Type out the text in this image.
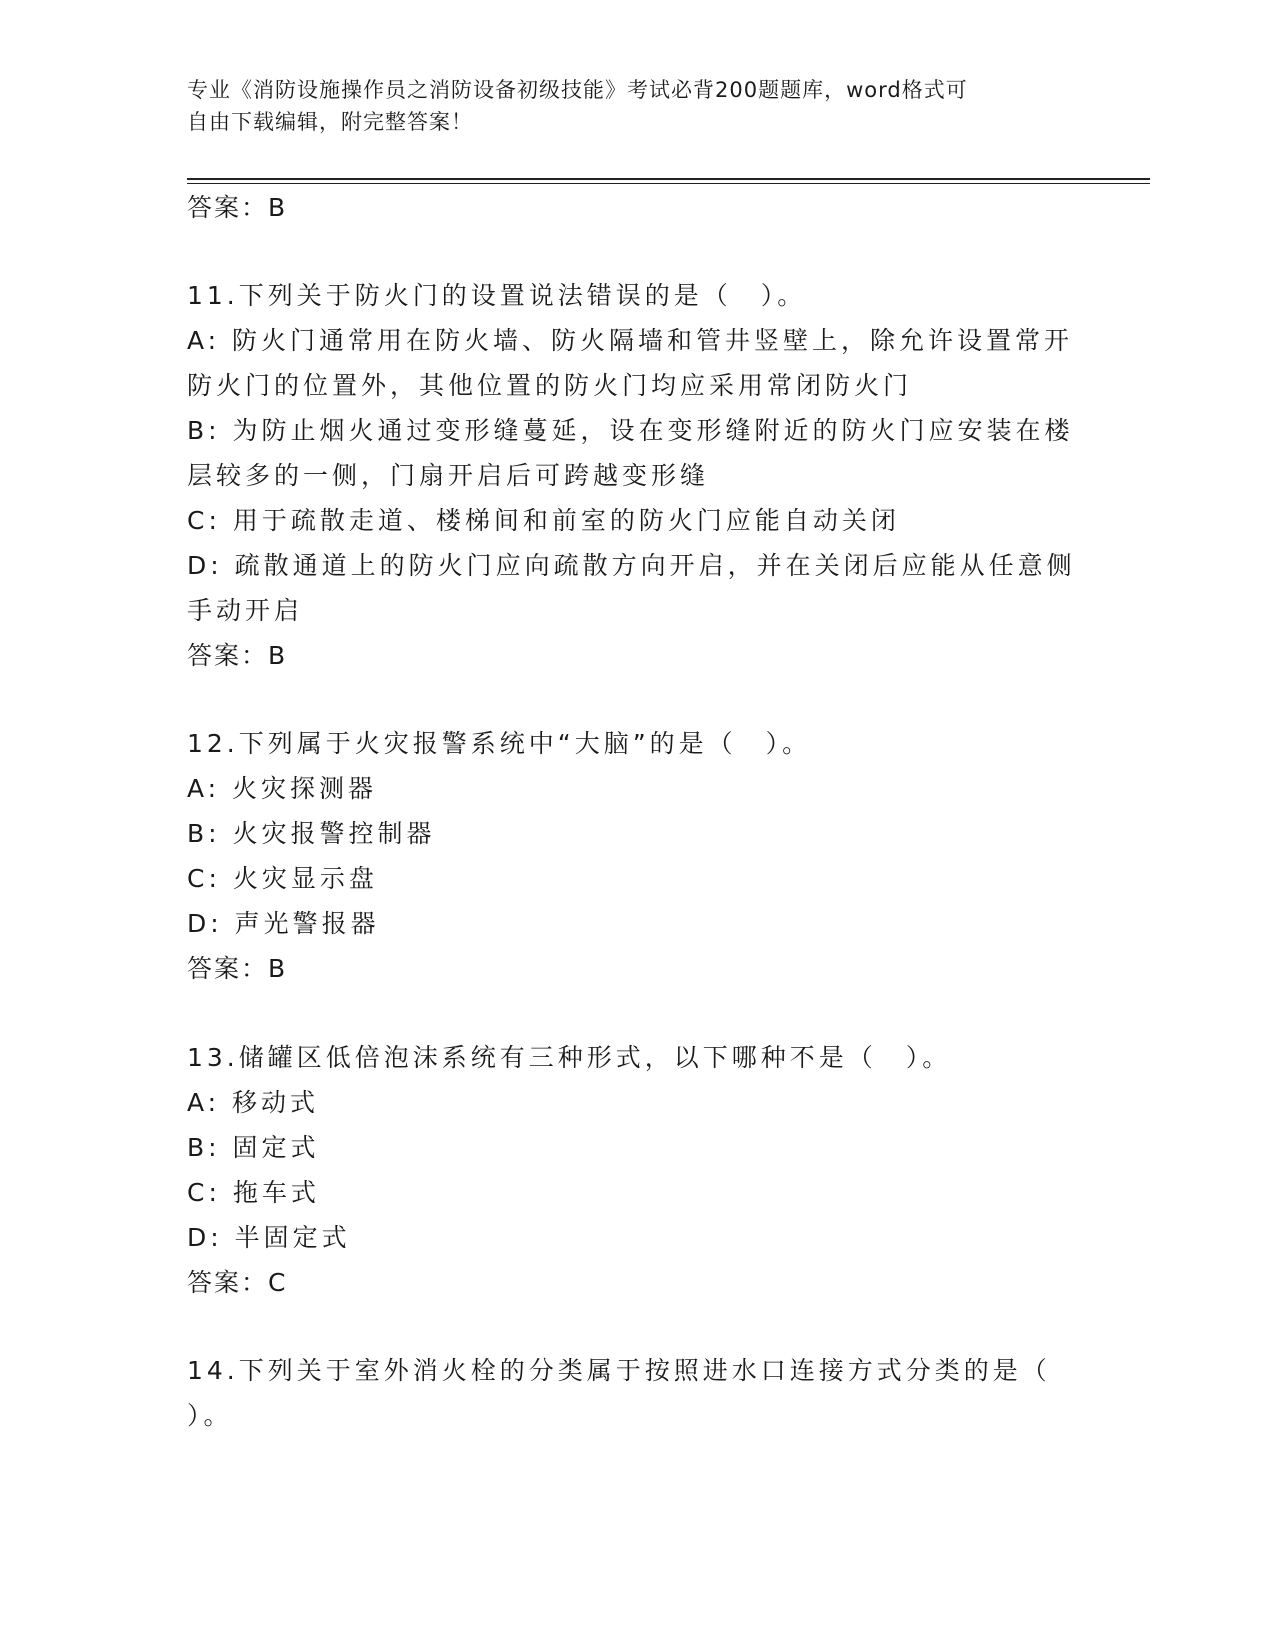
专业《消防设施操作员之消防设备初级技能》考试必背200题题库，word格式可
自由下载编辑，附完整答案！
答案：B
11.下列关于防火门的设置说法错误的是（　）。
A: 防火门通常用在防火墙、防火隔墙和管井竖壁上，除允许设置常开
防火门的位置外，其他位置的防火门均应采用常闭防火门
B: 为防止烟火通过变形缝蔓延，设在变形缝附近的防火门应安装在楼
层较多的一侧，门扇开启后可跨越变形缝
C: 用于疏散走道、楼梯间和前室的防火门应能自动关闭
D: 疏散通道上的防火门应向疏散方向开启，并在关闭后应能从任意侧
手动开启
答案：B
12.下列属于火灾报警系统中“大脑”的是（　）。
A: 火灾探测器
B: 火灾报警控制器
C: 火灾显示盘
D: 声光警报器
答案：B
13.储罐区低倍泡沫系统有三种形式，以下哪种不是（　）。
A: 移动式
B: 固定式
C: 拖车式
D: 半固定式
答案：C
14.下列关于室外消火栓的分类属于按照进水口连接方式分类的是（
）。
